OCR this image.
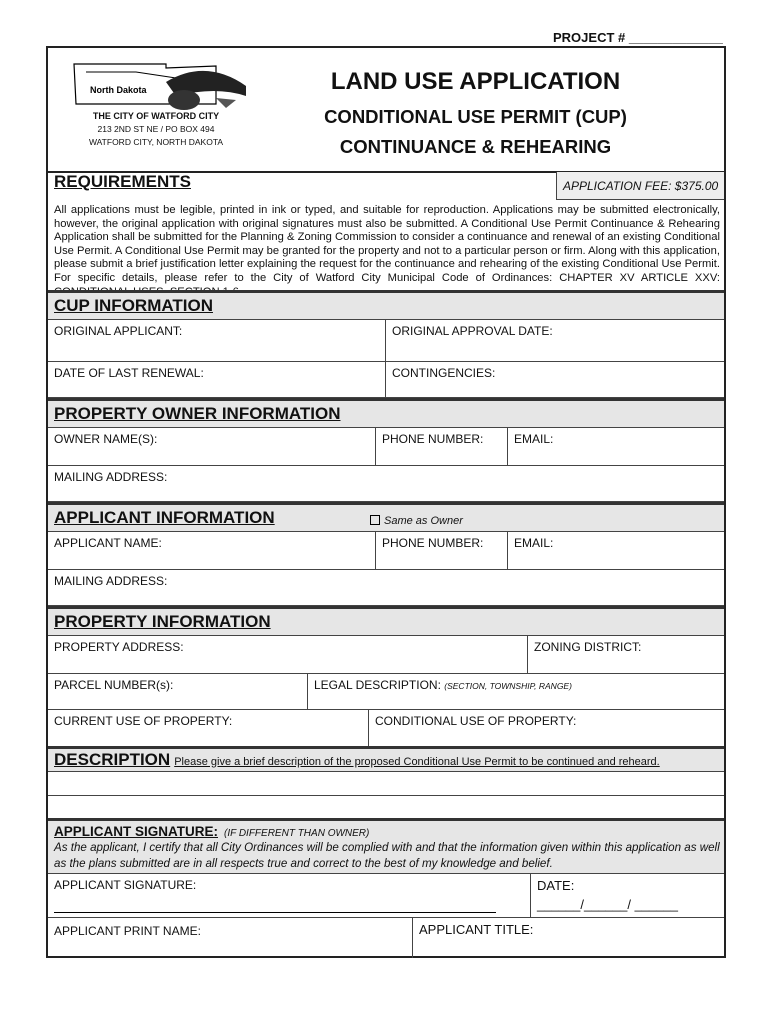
PROJECT # _____________
North Dakota
THE CITY OF WATFORD CITY
213 2ND ST NE / PO BOX 494
WATFORD CITY, NORTH DAKOTA
LAND USE APPLICATION
CONDITIONAL USE PERMIT (CUP)
CONTINUANCE & REHEARING
REQUIREMENTS	APPLICATION FEE: $375.00
All applications must be legible, printed in ink or typed, and suitable for reproduction. Applications may be submitted electronically, however, the original application with original signatures must also be submitted. A Conditional Use Permit Continuance & Rehearing Application shall be submitted for the Planning & Zoning Commission to consider a continuance and renewal of an existing Conditional Use Permit. A Conditional Use Permit may be granted for the property and not to a particular person or firm. Along with this application, please submit a brief justification letter explaining the request for the continuance and rehearing of the existing Conditional Use Permit. For specific details, please refer to the City of Watford City Municipal Code of Ordinances: CHAPTER XV ARTICLE XXV:
CUP INFORMATION
ORIGINAL APPLICANT:	ORIGINAL APPROVAL DATE:
DATE OF LAST RENEWAL:	CONTINGENCIES:
PROPERTY OWNER INFORMATION
OWNER NAME(S):	PHONE NUMBER:	EMAIL:
MAILING ADDRESS:
APPLICANT INFORMATION	Same as Owner
APPLICANT NAME:	PHONE NUMBER:	EMAIL:
MAILING ADDRESS:
PROPERTY INFORMATION
PROPERTY ADDRESS:	ZONING DISTRICT:
PARCEL NUMBER(s):	LEGAL DESCRIPTION: (SECTION, TOWNSHIP, RANGE)
CURRENT USE OF PROPERTY:	CONDITIONAL USE OF PROPERTY:
DESCRIPTION Please give a brief description of the proposed Conditional Use Permit to be continued and reheard.
APPLICANT SIGNATURE: (IF DIFFERENT THAN OWNER)
As the applicant, I certify that all City Ordinances will be complied with and that the information given within this application as well as the plans submitted are in all respects true and correct to the best of my knowledge and belief.
APPLICANT SIGNATURE:	DATE:
______/______/ ______
APPLICANT PRINT NAME:	APPLICANT TITLE:
